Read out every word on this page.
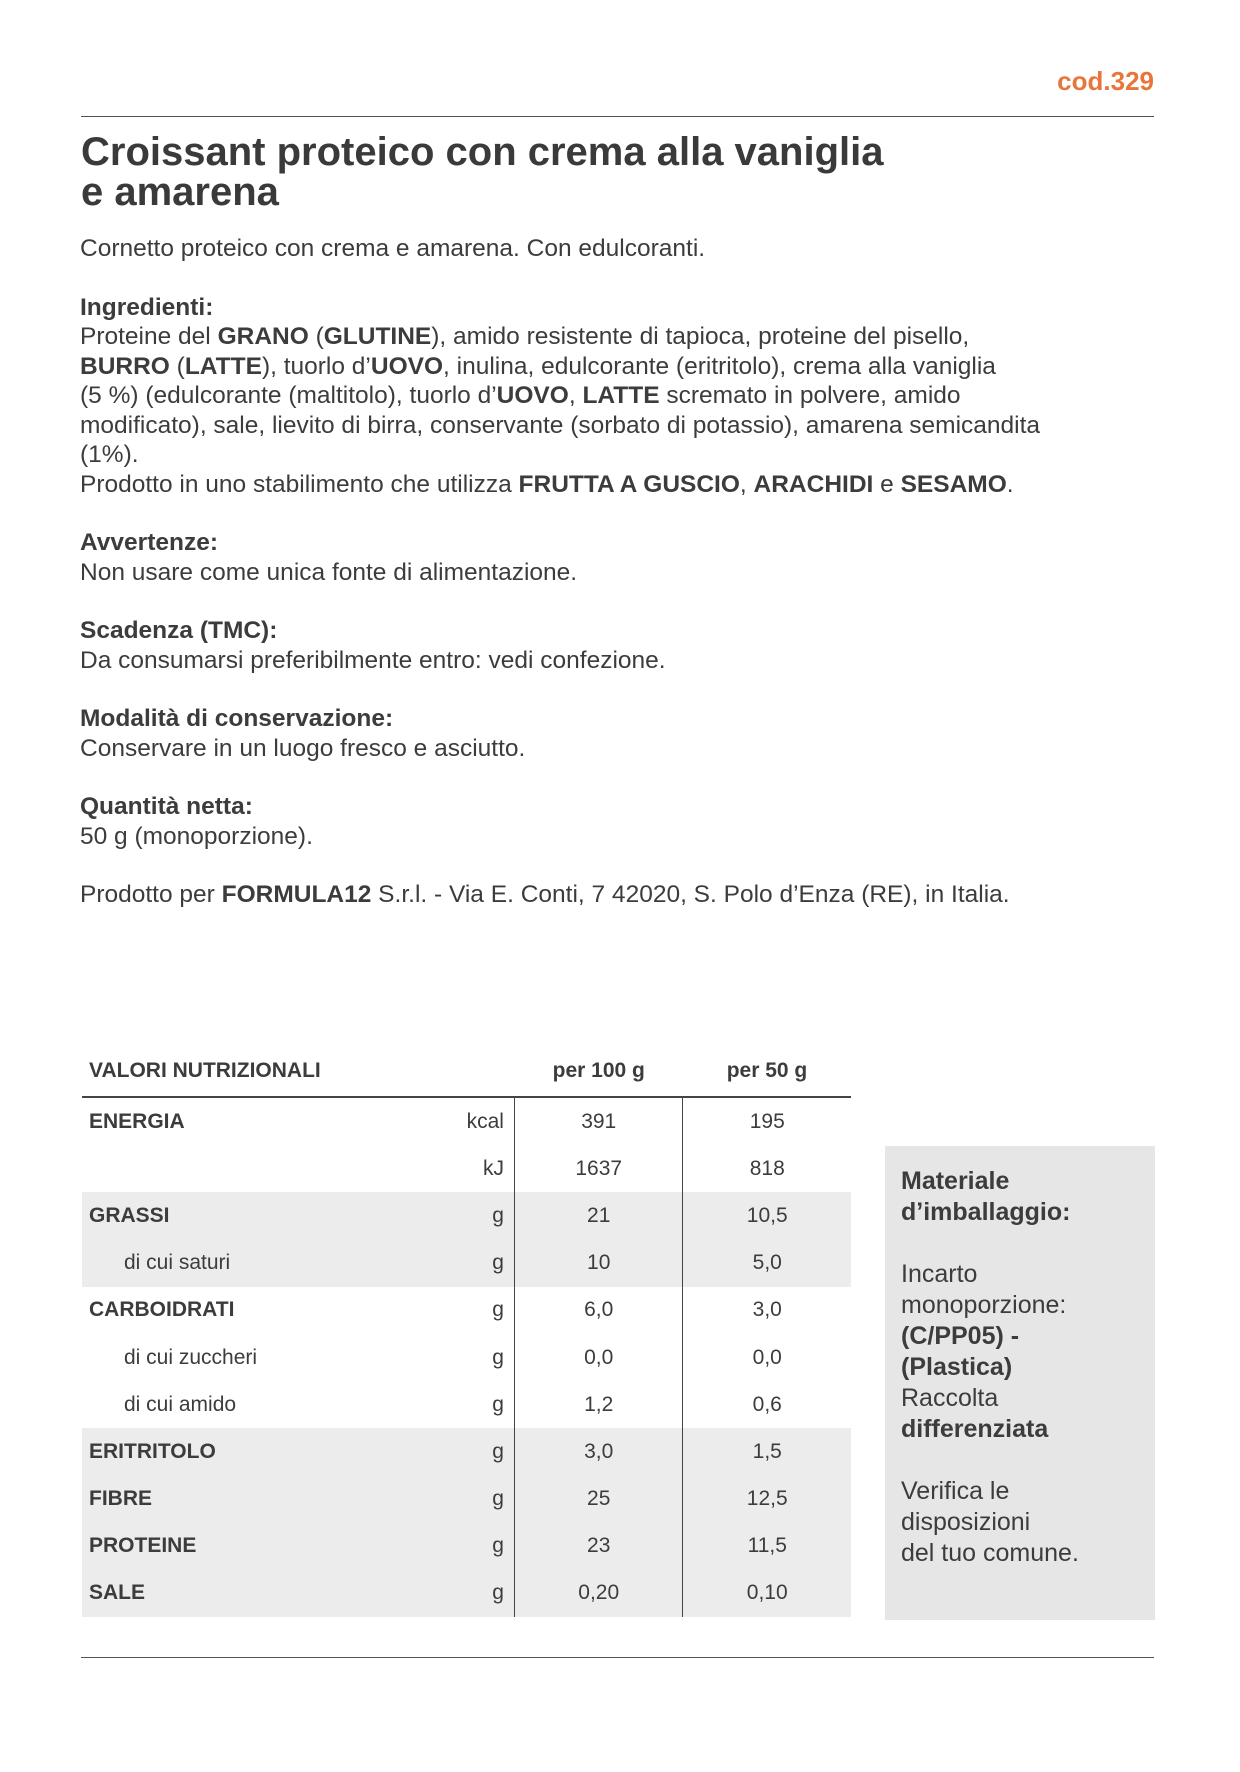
cod.329
Croissant proteico con crema alla vaniglia
e amarena

Cornetto proteico con crema e amarena. Con edulcoranti.

Ingredienti:

Proteine del GRANO (GLUTINE), amido resistente di tapioca, proteine del pisello,
BURRO (LATTE), tuorlo d’UOVO, inulina, edulcorante (eritritolo), crema alla vaniglia
(5 %) (edulcorante (maltitolo), tuorlo d’UOVO, LATTE scremato in polvere, amido
modificato), sale, lievito di birra, conservante (sorbato di potassio), amarena semicandita
(1%).

Prodotto in uno stabilimento che utilizza FRUTTA A GUSCIO, ARACHIDI e SESAMO.

Avvertenze:

Non usare come unica fonte di alimentazione.

Scadenza (TMC):

Da consumarsi preferibilmente entro: vedi confezione.

Modalità di conservazione:

Conservare in un luogo fresco e asciutto.

Quantità netta:

50 g (monoporzione).

Prodotto per FORMULA12 S.r.l. - Via E. Conti, 7 42020, S. Polo d’Enza (RE), in Italia.

VALORI NUTRIZIONALI		per 100 g	per 50 g
ENERGIA	kcal	391	195
	kJ	1637	818
GRASSI	g	21	10,5
di cui saturi	g	10	5,0
CARBOIDRATI	g	6,0	3,0
di cui zuccheri	g	0,0	0,0
di cui amido	g	1,2	0,6
ERITRITOLO	g	3,0	1,5
FIBRE	g	25	12,5
PROTEINE	g	23	11,5
SALE	g	0,20	0,10

Materiale
d’imballaggio:

Incarto
monoporzione:

(C/PP05) -
(Plastica)

Raccolta

differenziata

Verifica le
disposizioni
del tuo comune.
